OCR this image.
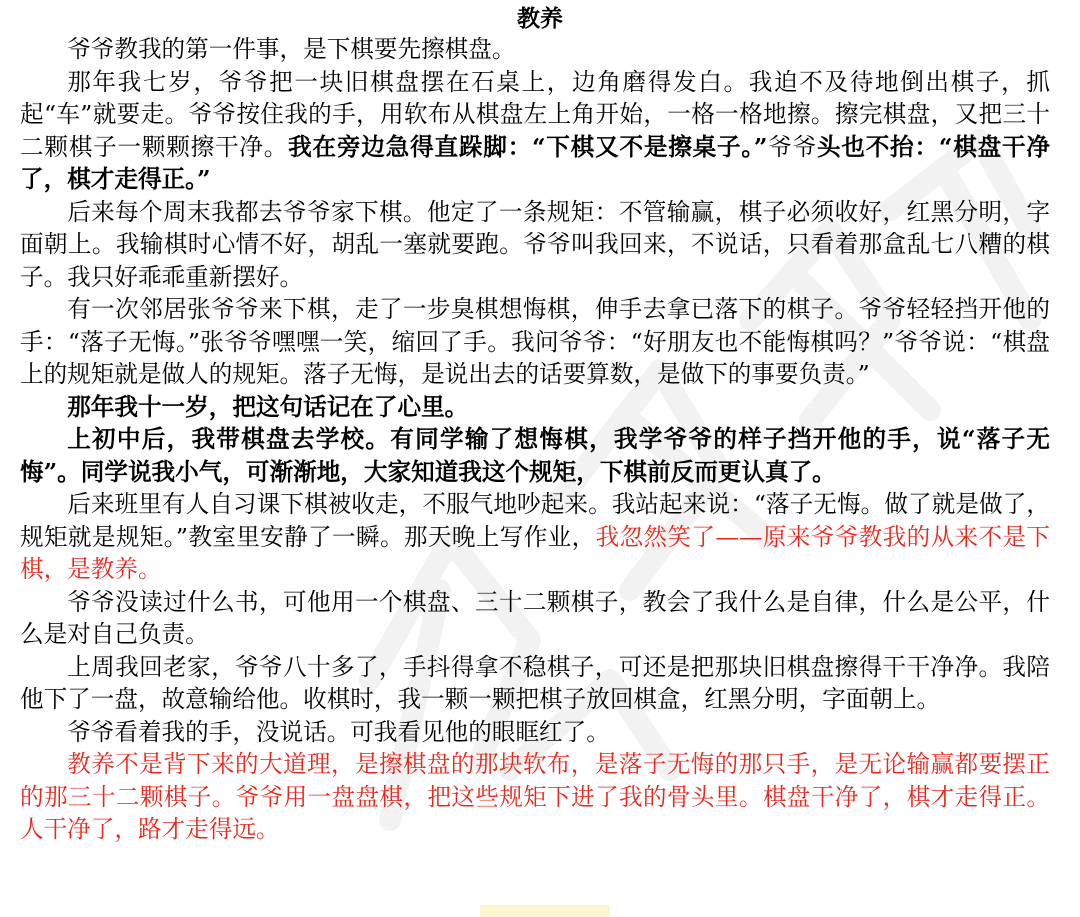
教养

爷爷教我的第一件事，是下棋要先擦棋盘。

那年我七岁，爷爷把一块旧棋盘摆在石桌上，边角磨得发白。我迫不及待地倒出棋子，抓起“车”就要走。爷爷按住我的手，用软布从棋盘左上角开始，一格一格地擦。擦完棋盘，又把三十二颗棋子一颗颗擦干净。我在旁边急得直跺脚：“下棋又不是擦桌子。”爷爷头也不抬：“棋盘干净了，棋才走得正。”

后来每个周末我都去爷爷家下棋。他定了一条规矩：不管输赢，棋子必须收好，红黑分明，字面朝上。我输棋时心情不好，胡乱一塞就要跑。爷爷叫我回来，不说话，只看着那盒乱七八糟的棋子。我只好乖乖重新摆好。

有一次邻居张爷爷来下棋，走了一步臭棋想悔棋，伸手去拿已落下的棋子。爷爷轻轻挡开他的手：“落子无悔。”张爷爷嘿嘿一笑，缩回了手。我问爷爷：“好朋友也不能悔棋吗？”爷爷说：“棋盘上的规矩就是做人的规矩。落子无悔，是说出去的话要算数，是做下的事要负责。”

那年我十一岁，把这句话记在了心里。

上初中后，我带棋盘去学校。有同学输了想悔棋，我学爷爷的样子挡开他的手，说“落子无悔”。同学说我小气，可渐渐地，大家知道我这个规矩，下棋前反而更认真了。

后来班里有人自习课下棋被收走，不服气地吵起来。我站起来说：“落子无悔。做了就是做了，规矩就是规矩。”教室里安静了一瞬。那天晚上写作业，我忽然笑了——原来爷爷教我的从来不是下棋，是教养。

爷爷没读过什么书，可他用一个棋盘、三十二颗棋子，教会了我什么是自律，什么是公平，什么是对自己负责。

上周我回老家，爷爷八十多了，手抖得拿不稳棋子，可还是把那块旧棋盘擦得干干净净。我陪他下了一盘，故意输给他。收棋时，我一颗一颗把棋子放回棋盒，红黑分明，字面朝上。

爷爷看着我的手，没说话。可我看见他的眼眶红了。

教养不是背下来的大道理，是擦棋盘的那块软布，是落子无悔的那只手，是无论输赢都要摆正的那三十二颗棋子。爷爷用一盘盘棋，把这些规矩下进了我的骨头里。棋盘干净了，棋才走得正。人干净了，路才走得远。
